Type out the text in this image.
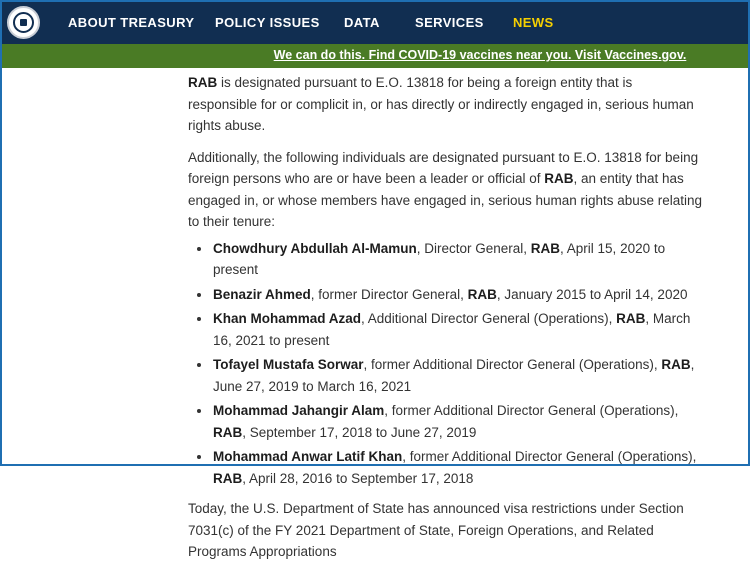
ABOUT TREASURY POLICY ISSUES DATA	SERVICES NEWS
We can do this. Find COVID-19 vaccines near you. Visit Vaccines.gov.

RAB is designated pursuant to E.O. 13818 for being a foreign entity that is responsible for or complicit in, or has directly or indirectly engaged in, serious human rights abuse.

Additionally, the following individuals are designated pursuant to E.O. 13818 for being foreign persons who are or have been a leader or official of RAB, an entity that has engaged in, or whose members have engaged in, serious human rights abuse relating to their tenure:

• Chowdhury Abdullah Al-Mamun, Director General, RAB, April 15, 2020 to present
• Benazir Ahmed, former Director General, RAB, January 2015 to April 14, 2020
• Khan Mohammad Azad, Additional Director General (Operations), RAB, March 16, 2021 to present
• Tofayel Mustafa Sorwar, former Additional Director General (Operations), RAB, June 27, 2019 to March 16, 2021
• Mohammad Jahangir Alam, former Additional Director General (Operations), RAB, September 17, 2018 to June 27, 2019
• Mohammad Anwar Latif Khan, former Additional Director General (Operations), RAB, April 28, 2016 to September 17, 2018

Today, the U.S. Department of State has announced visa restrictions under Section 7031(c) of the FY 2021 Department of State, Foreign Operations, and Related Programs Appropriations
